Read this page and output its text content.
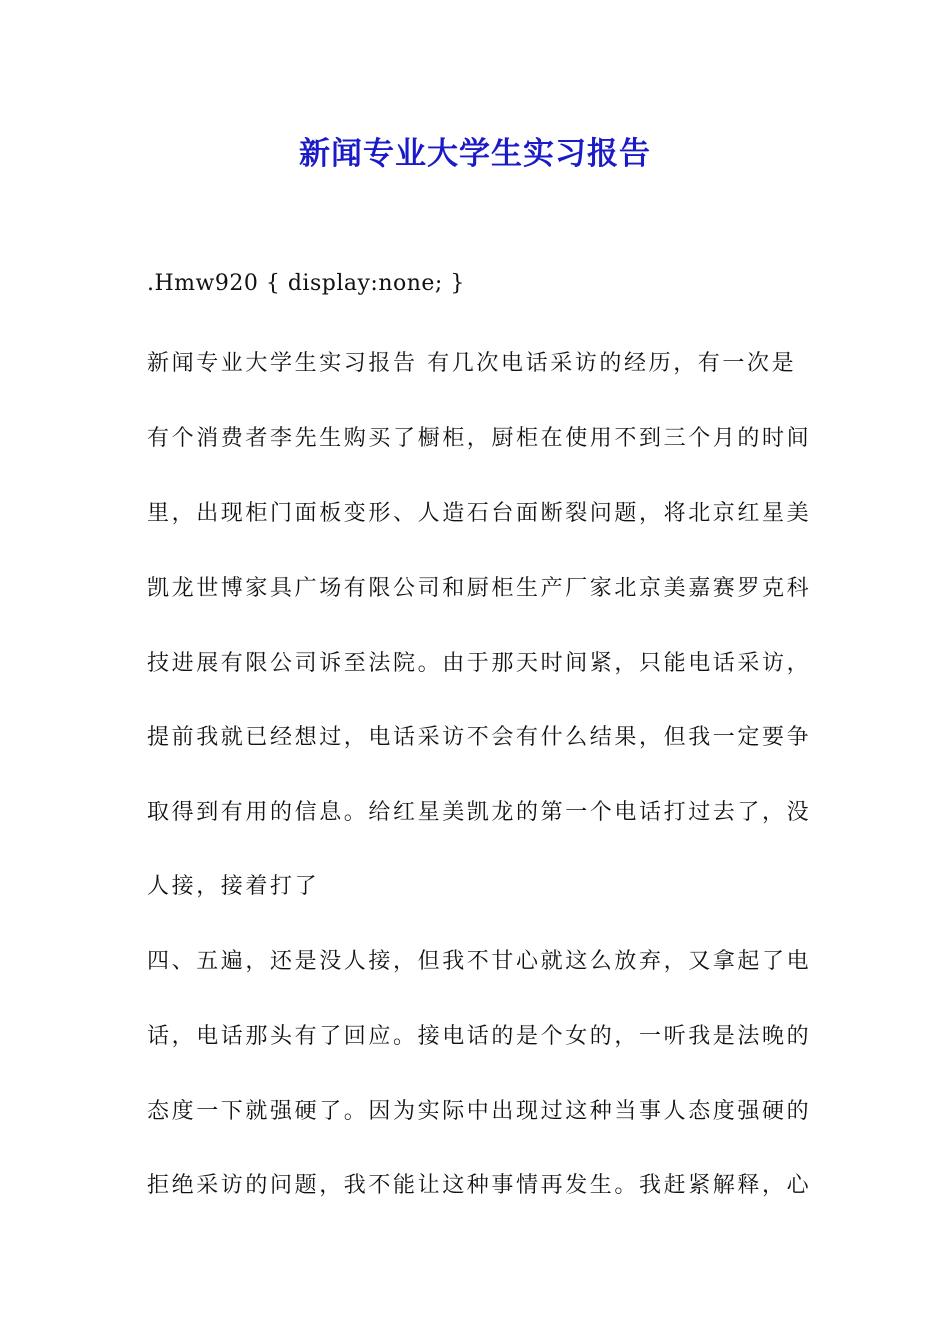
新闻专业大学生实习报告
.Hmw920 { display:none; }
新闻专业大学生实习报告 有几次电话采访的经历，有一次是
有个消费者李先生购买了橱柜，厨柜在使用不到三个月的时间
里，出现柜门面板变形、人造石台面断裂问题，将北京红星美
凯龙世博家具广场有限公司和厨柜生产厂家北京美嘉赛罗克科
技进展有限公司诉至法院。由于那天时间紧，只能电话采访，
提前我就已经想过，电话采访不会有什么结果，但我一定要争
取得到有用的信息。给红星美凯龙的第一个电话打过去了，没
人接，接着打了
四、五遍，还是没人接，但我不甘心就这么放弃，又拿起了电
话，电话那头有了回应。接电话的是个女的，一听我是法晚的
态度一下就强硬了。因为实际中出现过这种当事人态度强硬的
拒绝采访的问题，我不能让这种事情再发生。我赶紧解释，心
